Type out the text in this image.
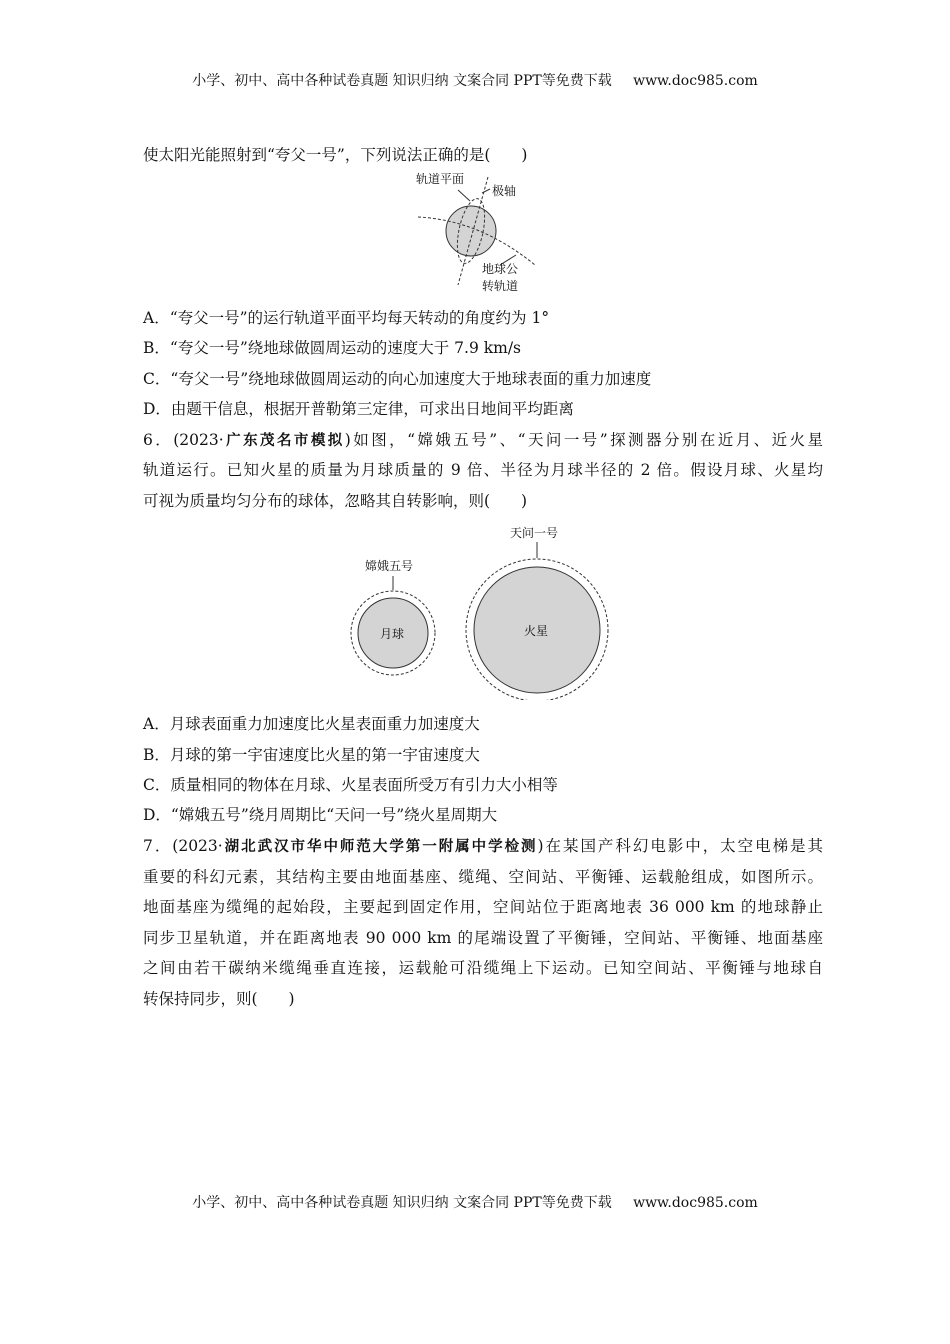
小学、初中、高中各种试卷真题 知识归纳 文案合同 PPT等免费下载 www.doc985.com
使太阳光能照射到“夸父一号”，下列说法正确的是(　　)
轨道平面
极轴
地球公
转轨道
A．“夸父一号”的运行轨道平面平均每天转动的角度约为 1°
B．“夸父一号”绕地球做圆周运动的速度大于 7.9 km/s
C．“夸父一号”绕地球做圆周运动的向心加速度大于地球表面的重力加速度
D．由题干信息，根据开普勒第三定律，可求出日地间平均距离
6．(2023·广东茂名市模拟)如图，“嫦娥五号”、“天问一号”探测器分别在近月、近火星
轨道运行。已知火星的质量为月球质量的 9 倍、半径为月球半径的 2 倍。假设月球、火星均
可视为质量均匀分布的球体，忽略其自转影响，则(　　)
嫦娥五号
月球
天问一号
火星
A．月球表面重力加速度比火星表面重力加速度大
B．月球的第一宇宙速度比火星的第一宇宙速度大
C．质量相同的物体在月球、火星表面所受万有引力大小相等
D．“嫦娥五号”绕月周期比“天问一号”绕火星周期大
7．(2023·湖北武汉市华中师范大学第一附属中学检测)在某国产科幻电影中，太空电梯是其
重要的科幻元素，其结构主要由地面基座、缆绳、空间站、平衡锤、运载舱组成，如图所示。
地面基座为缆绳的起始段，主要起到固定作用，空间站位于距离地表 36 000 km 的地球静止
同步卫星轨道，并在距离地表 90 000 km 的尾端设置了平衡锤，空间站、平衡锤、地面基座
之间由若干碳纳米缆绳垂直连接，运载舱可沿缆绳上下运动。已知空间站、平衡锤与地球自
转保持同步，则(　　)
小学、初中、高中各种试卷真题 知识归纳 文案合同 PPT等免费下载 www.doc985.com
